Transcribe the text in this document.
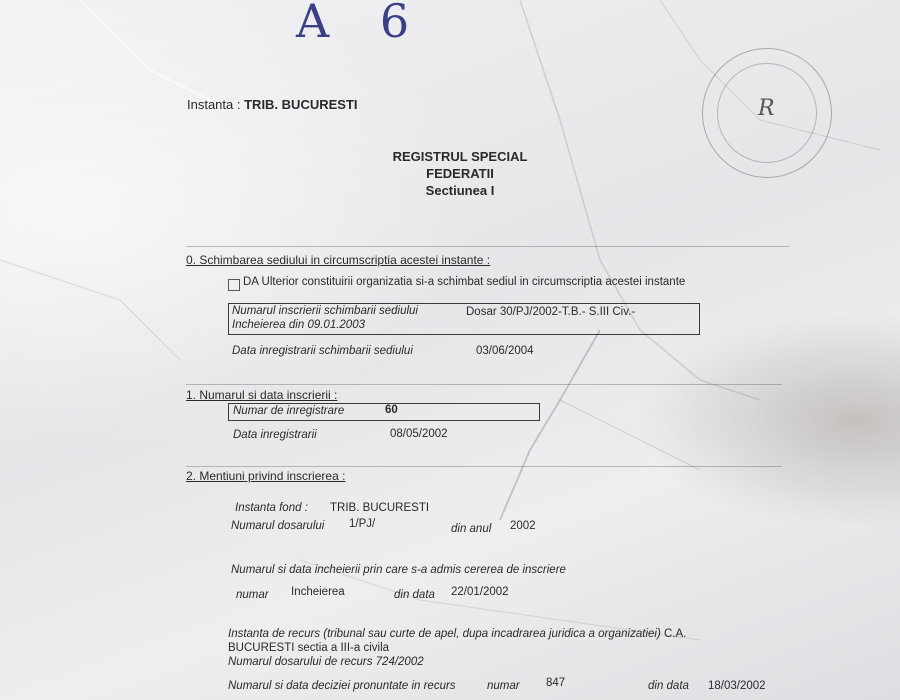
A 6
R
Instanta : TRIB. BUCURESTI
REGISTRUL SPECIAL
FEDERATII
Sectiunea I
0. Schimbarea sediului in circumscriptia acestei instante :
DA Ulterior constituirii organizatia si-a schimbat sediul in circumscriptia acestei instante
Numarul inscrierii schimbarii sediului
Incheierea din 09.01.2003
Dosar 30/PJ/2002-T.B.- S.III Civ.-
Data inregistrarii schimbarii sediului	03/06/2004
1. Numarul si data inscrierii :
Numar de inregistrare	60
Data inregistrarii	08/05/2002
2. Mentiuni privind inscrierea :
Instanta fond : TRIB. BUCURESTI
Numarul dosarului 1/PJ/	din anul 2002
Numarul si data incheierii prin care s-a admis cererea de inscriere
numar Incheierea	din data 22/01/2002
Instanta de recurs (tribunal sau curte de apel, dupa incadrarea juridica a organizatiei) C.A.
BUCURESTI sectia a III-a civila
Numarul dosarului de recurs 724/2002
Numarul si data deciziei pronuntate in recurs	numar 847	din data 18/03/2002
